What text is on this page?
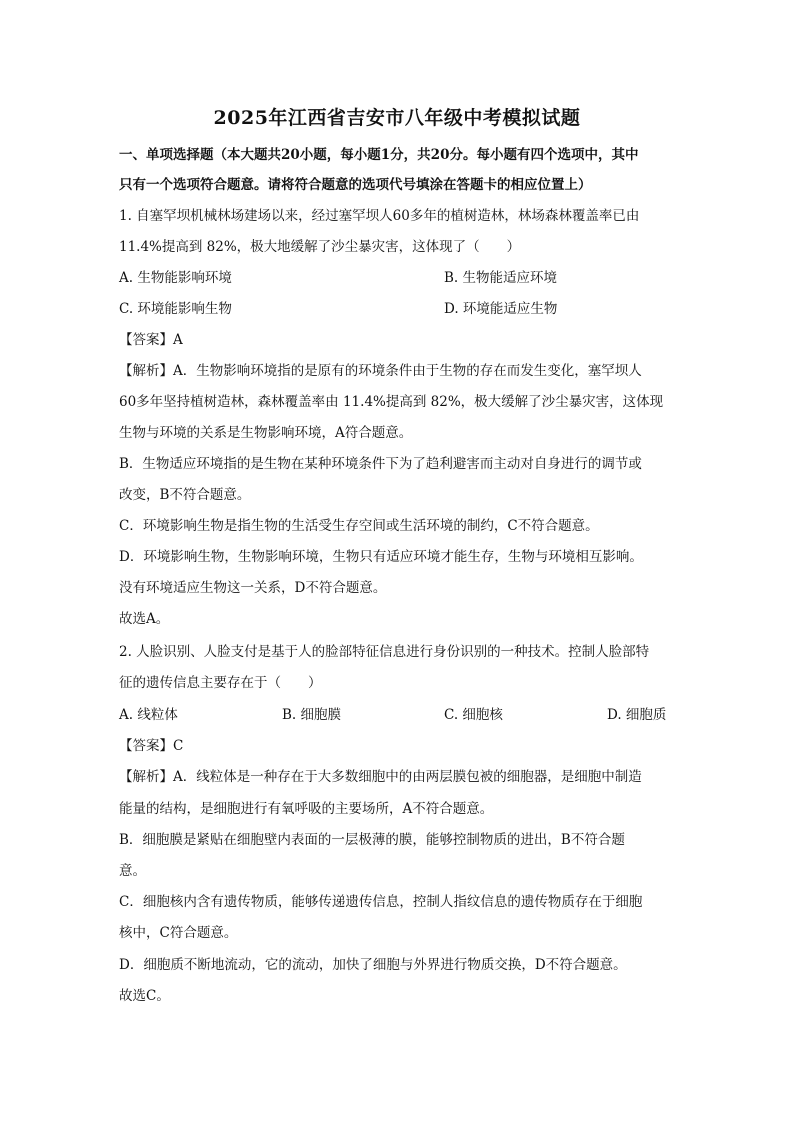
2025年江西省吉安市八年级中考模拟试题
一、单项选择题（本大题共20小题，每小题1分，共20分。每小题有四个选项中，其中
只有一个选项符合题意。请将符合题意的选项代号填涂在答题卡的相应位置上）
1. 自塞罕坝机械林场建场以来，经过塞罕坝人60多年的植树造林，林场森林覆盖率已由
11.4%提高到 82%，极大地缓解了沙尘暴灾害，这体现了（　　）
A. 生物能影响环境	B. 生物能适应环境
C. 环境能影响生物	D. 环境能适应生物
【答案】A
【解析】A．生物影响环境指的是原有的环境条件由于生物的存在而发生变化，塞罕坝人
60多年坚持植树造林，森林覆盖率由 11.4%提高到 82%，极大缓解了沙尘暴灾害，这体现
生物与环境的关系是生物影响环境，A符合题意。
B．生物适应环境指的是生物在某种环境条件下为了趋利避害而主动对自身进行的调节或
改变，B不符合题意。
C．环境影响生物是指生物的生活受生存空间或生活环境的制约，C不符合题意。
D．环境影响生物，生物影响环境，生物只有适应环境才能生存，生物与环境相互影响。
没有环境适应生物这一关系，D不符合题意。
故选A。
2. 人脸识别、人脸支付是基于人的脸部特征信息进行身份识别的一种技术。控制人脸部特
征的遗传信息主要存在于（　　）
A. 线粒体	B. 细胞膜	C. 细胞核	D. 细胞质
【答案】C
【解析】A．线粒体是一种存在于大多数细胞中的由两层膜包被的细胞器，是细胞中制造
能量的结构，是细胞进行有氧呼吸的主要场所，A不符合题意。
B．细胞膜是紧贴在细胞壁内表面的一层极薄的膜，能够控制物质的进出，B不符合题
意。
C．细胞核内含有遗传物质，能够传递遗传信息，控制人指纹信息的遗传物质存在于细胞
核中，C符合题意。
D．细胞质不断地流动，它的流动，加快了细胞与外界进行物质交换，D不符合题意。
故选C。
